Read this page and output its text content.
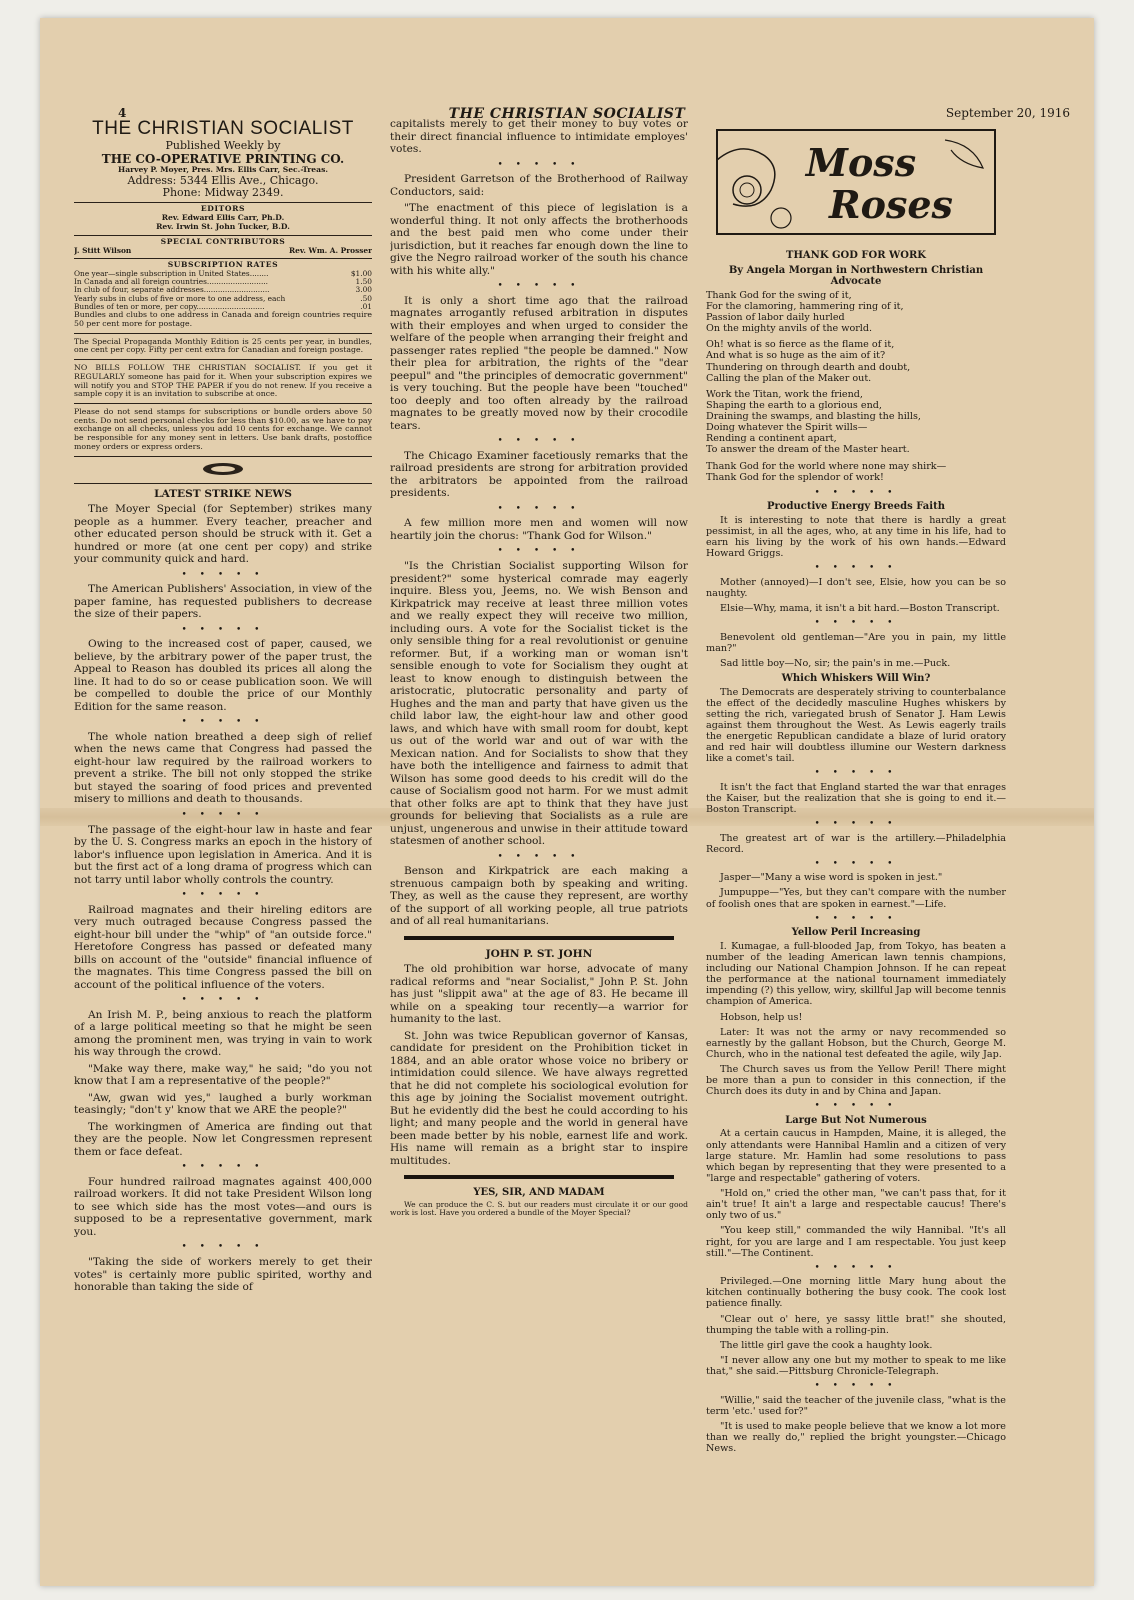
4	THE CHRISTIAN SOCIALIST	September 20, 1916
THE CHRISTIAN SOCIALIST
Published Weekly by
THE CO-OPERATIVE PRINTING CO.
Harvey P. Moyer, Pres. Mrs. Ellis Carr, Sec.-Treas.
Address: 5344 Ellis Ave., Chicago.
Phone: Midway 2349.
EDITORS
Rev. Edward Ellis Carr, Ph.D.
Rev. Irwin St. John Tucker, B.D.
SPECIAL CONTRIBUTORS
J. Stitt Wilson	Rev. Wm. A. Prosser
SUBSCRIPTION RATES
One year—single subscription in United States........	$1.00
In Canada and all foreign countries..........................	1.50
In club of four, separate addresses............................	3.00
Yearly subs in clubs of five or more to one address, each	.50
Bundles of ten or more, per copy.............................	.01
Bundles and clubs to one address in Canada and foreign countries require 50 per cent more for postage.
The Special Propaganda Monthly Edition is 25 cents per year, in bundles, one cent per copy. Fifty per cent extra for Canadian and foreign postage.
NO BILLS FOLLOW THE CHRISTIAN SOCIALIST. If you get it REGULARLY someone has paid for it. When your subscription expires we will notify you and STOP THE PAPER if you do not renew. If you receive a sample copy it is an invitation to subscribe at once.
Please do not send stamps for subscriptions or bundle orders above 50 cents. Do not send personal checks for less than $10.00, as we have to pay exchange on all checks, unless you add 10 cents for exchange. We cannot be responsible for any money sent in letters. Use bank drafts, postoffice money orders or express orders.
LATEST STRIKE NEWS

The Moyer Special (for September) strikes many people as a hummer. Every teacher, preacher and other educated person should be struck with it. Get a hundred or more (at one cent per copy) and strike your community quick and hard.

• • • • •

The American Publishers' Association, in view of the paper famine, has requested publishers to decrease the size of their papers.

• • • • •

Owing to the increased cost of paper, caused, we believe, by the arbitrary power of the paper trust, the Appeal to Reason has doubled its prices all along the line. It had to do so or cease publication soon. We will be compelled to double the price of our Monthly Edition for the same reason.

• • • • •

The whole nation breathed a deep sigh of relief when the news came that Congress had passed the eight-hour law required by the railroad workers to prevent a strike. The bill not only stopped the strike but stayed the soaring of food prices and prevented misery to millions and death to thousands.

• • • • •

The passage of the eight-hour law in haste and fear by the U. S. Congress marks an epoch in the history of labor's influence upon legislation in America. And it is but the first act of a long drama of progress which can not tarry until labor wholly controls the country.

• • • • •

Railroad magnates and their hireling editors are very much outraged because Congress passed the eight-hour bill under the "whip" of "an outside force." Heretofore Congress has passed or defeated many bills on account of the "outside" financial influence of the magnates. This time Congress passed the bill on account of the political influence of the voters.

• • • • •

An Irish M. P., being anxious to reach the platform of a large political meeting so that he might be seen among the prominent men, was trying in vain to work his way through the crowd.

"Make way there, make way," he said; "do you not know that I am a representative of the people?"

"Aw, gwan wid yes," laughed a burly workman teasingly; "don't y' know that we ARE the people?"

The workingmen of America are finding out that they are the people. Now let Congressmen represent them or face defeat.

• • • • •

Four hundred railroad magnates against 400,000 railroad workers. It did not take President Wilson long to see which side has the most votes—and ours is supposed to be a representative government, mark you.

• • • • •

"Taking the side of workers merely to get their votes" is certainly more public spirited, worthy and honorable than taking the side of

capitalists merely to get their money to buy votes or their direct financial influence to intimidate employes' votes.

• • • • •

President Garretson of the Brotherhood of Railway Conductors, said:

"The enactment of this piece of legislation is a wonderful thing. It not only affects the brotherhoods and the best paid men who come under their jurisdiction, but it reaches far enough down the line to give the Negro railroad worker of the south his chance with his white ally."

• • • • •

It is only a short time ago that the railroad magnates arrogantly refused arbitration in disputes with their employes and when urged to consider the welfare of the people when arranging their freight and passenger rates replied "the people be damned." Now their plea for arbitration, the rights of the "dear peepul" and "the principles of democratic government" is very touching. But the people have been "touched" too deeply and too often already by the railroad magnates to be greatly moved now by their crocodile tears.

• • • • •

The Chicago Examiner facetiously remarks that the railroad presidents are strong for arbitration provided the arbitrators be appointed from the railroad presidents.

• • • • •

A few million more men and women will now heartily join the chorus: "Thank God for Wilson."

• • • • •

"Is the Christian Socialist supporting Wilson for president?" some hysterical comrade may eagerly inquire. Bless you, Jeems, no. We wish Benson and Kirkpatrick may receive at least three million votes and we really expect they will receive two million, including ours. A vote for the Socialist ticket is the only sensible thing for a real revolutionist or genuine reformer. But, if a working man or woman isn't sensible enough to vote for Socialism they ought at least to know enough to distinguish between the aristocratic, plutocratic personality and party of Hughes and the man and party that have given us the child labor law, the eight-hour law and other good laws, and which have with small room for doubt, kept us out of the world war and out of war with the Mexican nation. And for Socialists to show that they have both the intelligence and fairness to admit that Wilson has some good deeds to his credit will do the cause of Socialism good not harm. For we must admit that other folks are apt to think that they have just grounds for believing that Socialists as a rule are unjust, ungenerous and unwise in their attitude toward statesmen of another school.

• • • • •

Benson and Kirkpatrick are each making a strenuous campaign both by speaking and writing. They, as well as the cause they represent, are worthy of the support of all working people, all true patriots and of all real humanitarians.

JOHN P. ST. JOHN

The old prohibition war horse, advocate of many radical reforms and "near Socialist," John P. St. John has just "slippit awa" at the age of 83. He became ill while on a speaking tour recently—a warrior for humanity to the last.

St. John was twice Republican governor of Kansas, candidate for president on the Prohibition ticket in 1884, and an able orator whose voice no bribery or intimidation could silence. We have always regretted that he did not complete his sociological evolution for this age by joining the Socialist movement outright. But he evidently did the best he could according to his light; and many people and the world in general have been made better by his noble, earnest life and work. His name will remain as a bright star to inspire multitudes.

YES, SIR, AND MADAM

We can produce the C. S. but our readers must circulate it or our good work is lost. Have you ordered a bundle of the Moyer Special?

Moss
Roses
THANK GOD FOR WORK
By Angela Morgan in Northwestern Christian Advocate

Thank God for the swing of it,
For the clamoring, hammering ring of it,
Passion of labor daily hurled
On the mighty anvils of the world.

Oh! what is so fierce as the flame of it,
And what is so huge as the aim of it?
Thundering on through dearth and doubt,
Calling the plan of the Maker out.

Work the Titan, work the friend,
Shaping the earth to a glorious end,
Draining the swamps, and blasting the hills,
Doing whatever the Spirit wills—
Rending a continent apart,
To answer the dream of the Master heart.

Thank God for the world where none may shirk—
Thank God for the splendor of work!

• • • • •
Productive Energy Breeds Faith

It is interesting to note that there is hardly a great pessimist, in all the ages, who, at any time in his life, had to earn his living by the work of his own hands.—Edward Howard Griggs.

• • • • •

Mother (annoyed)—I don't see, Elsie, how you can be so naughty.

Elsie—Why, mama, it isn't a bit hard.—Boston Transcript.

• • • • •

Benevolent old gentleman—"Are you in pain, my little man?"

Sad little boy—No, sir; the pain's in me.—Puck.

Which Whiskers Will Win?

The Democrats are desperately striving to counterbalance the effect of the decidedly masculine Hughes whiskers by setting the rich, variegated brush of Senator J. Ham Lewis against them throughout the West. As Lewis eagerly trails the energetic Republican candidate a blaze of lurid oratory and red hair will doubtless illumine our Western darkness like a comet's tail.

• • • • •

It isn't the fact that England started the war that enrages the Kaiser, but the realization that she is going to end it.—Boston Transcript.

• • • • •

The greatest art of war is the artillery.—Philadelphia Record.

• • • • •

Jasper—"Many a wise word is spoken in jest."

Jumpuppe—"Yes, but they can't compare with the number of foolish ones that are spoken in earnest."—Life.

• • • • •
Yellow Peril Increasing

I. Kumagae, a full-blooded Jap, from Tokyo, has beaten a number of the leading American lawn tennis champions, including our National Champion Johnson. If he can repeat the performance at the national tournament immediately impending (?) this yellow, wiry, skillful Jap will become tennis champion of America.

Hobson, help us!

Later: It was not the army or navy recommended so earnestly by the gallant Hobson, but the Church, George M. Church, who in the national test defeated the agile, wily Jap.

The Church saves us from the Yellow Peril! There might be more than a pun to consider in this connection, if the Church does its duty in and by China and Japan.

• • • • •
Large But Not Numerous

At a certain caucus in Hampden, Maine, it is alleged, the only attendants were Hannibal Hamlin and a citizen of very large stature. Mr. Hamlin had some resolutions to pass which began by representing that they were presented to a "large and respectable" gathering of voters.

"Hold on," cried the other man, "we can't pass that, for it ain't true! It ain't a large and respectable caucus! There's only two of us."

"You keep still," commanded the wily Hannibal. "It's all right, for you are large and I am respectable. You just keep still."—The Continent.

• • • • •

Privileged.—One morning little Mary hung about the kitchen continually bothering the busy cook. The cook lost patience finally.

"Clear out o' here, ye sassy little brat!" she shouted, thumping the table with a rolling-pin.

The little girl gave the cook a haughty look.

"I never allow any one but my mother to speak to me like that," she said.—Pittsburg Chronicle-Telegraph.

• • • • •

"Willie," said the teacher of the juvenile class, "what is the term 'etc.' used for?"

"It is used to make people believe that we know a lot more than we really do," replied the bright youngster.—Chicago News.
